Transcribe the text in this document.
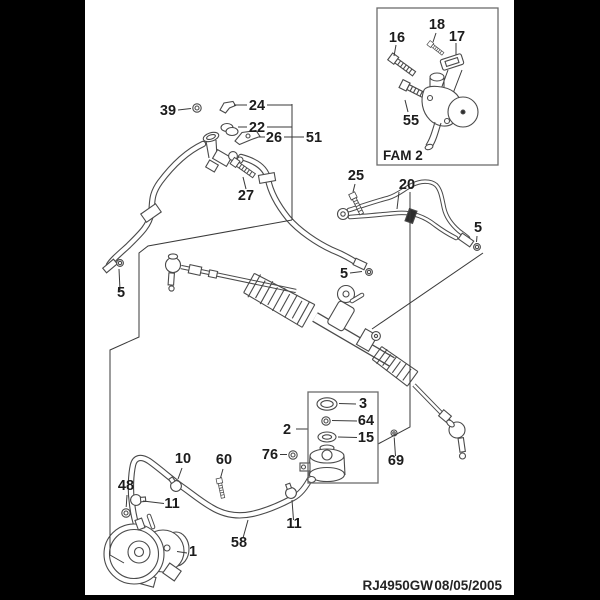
16
18
17
55
39	24
22
26 51
27
25
20
5
5
5
2
3
64
15
69
76
10 60
48
11
11
58
1
FAM 2
RJ4950GW 08/05/2005
